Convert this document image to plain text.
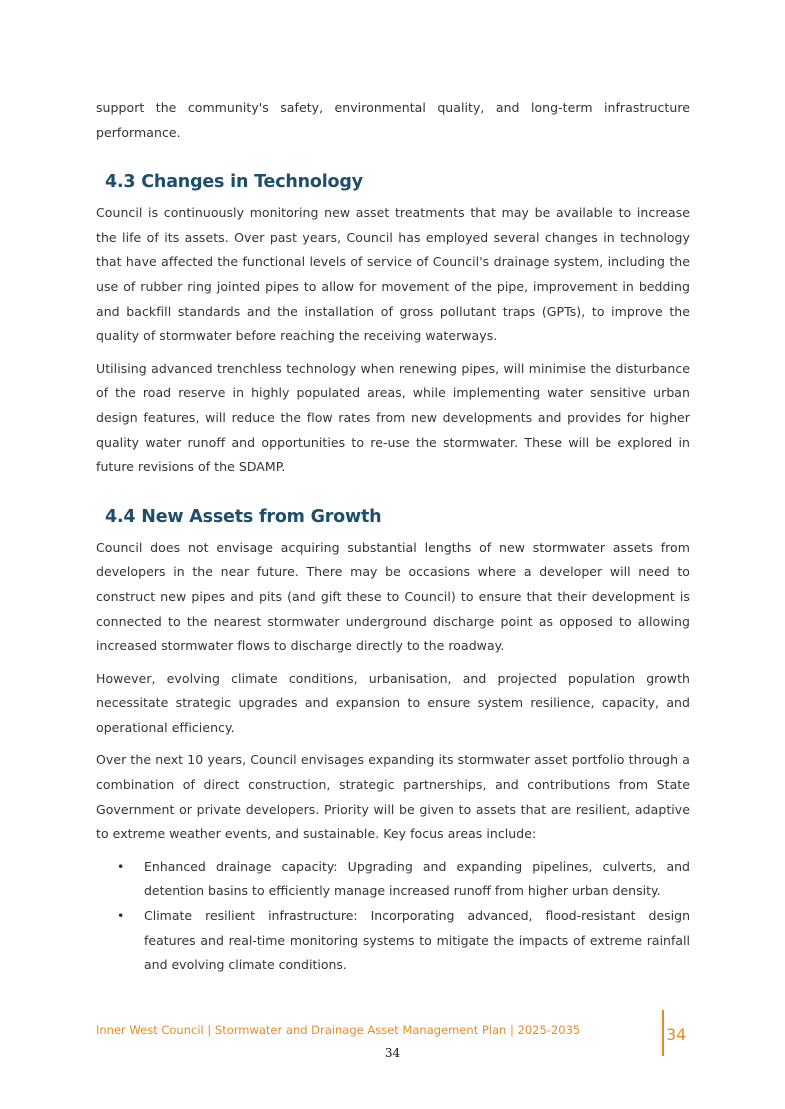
support the community's safety, environmental quality, and long-term infrastructure performance.

4.3 Changes in Technology

Council is continuously monitoring new asset treatments that may be available to increase the life of its assets. Over past years, Council has employed several changes in technology that have affected the functional levels of service of Council's drainage system, including the use of rubber ring jointed pipes to allow for movement of the pipe, improvement in bedding and backfill standards and the installation of gross pollutant traps (GPTs), to improve the quality of stormwater before reaching the receiving waterways.

Utilising advanced trenchless technology when renewing pipes, will minimise the disturbance of the road reserve in highly populated areas, while implementing water sensitive urban design features, will reduce the flow rates from new developments and provides for higher quality water runoff and opportunities to re-use the stormwater. These will be explored in future revisions of the SDAMP.

4.4 New Assets from Growth

Council does not envisage acquiring substantial lengths of new stormwater assets from developers in the near future. There may be occasions where a developer will need to construct new pipes and pits (and gift these to Council) to ensure that their development is connected to the nearest stormwater underground discharge point as opposed to allowing increased stormwater flows to discharge directly to the roadway.

However, evolving climate conditions, urbanisation, and projected population growth necessitate strategic upgrades and expansion to ensure system resilience, capacity, and operational efficiency.

Over the next 10 years, Council envisages expanding its stormwater asset portfolio through a combination of direct construction, strategic partnerships, and contributions from State Government or private developers. Priority will be given to assets that are resilient, adaptive to extreme weather events, and sustainable. Key focus areas include:

• Enhanced drainage capacity: Upgrading and expanding pipelines, culverts, and detention basins to efficiently manage increased runoff from higher urban density.
• Climate resilient infrastructure: Incorporating advanced, flood-resistant design features and real-time monitoring systems to mitigate the impacts of extreme rainfall and evolving climate conditions.
Inner West Council | Stormwater and Drainage Asset Management Plan | 2025-2035	34
34
